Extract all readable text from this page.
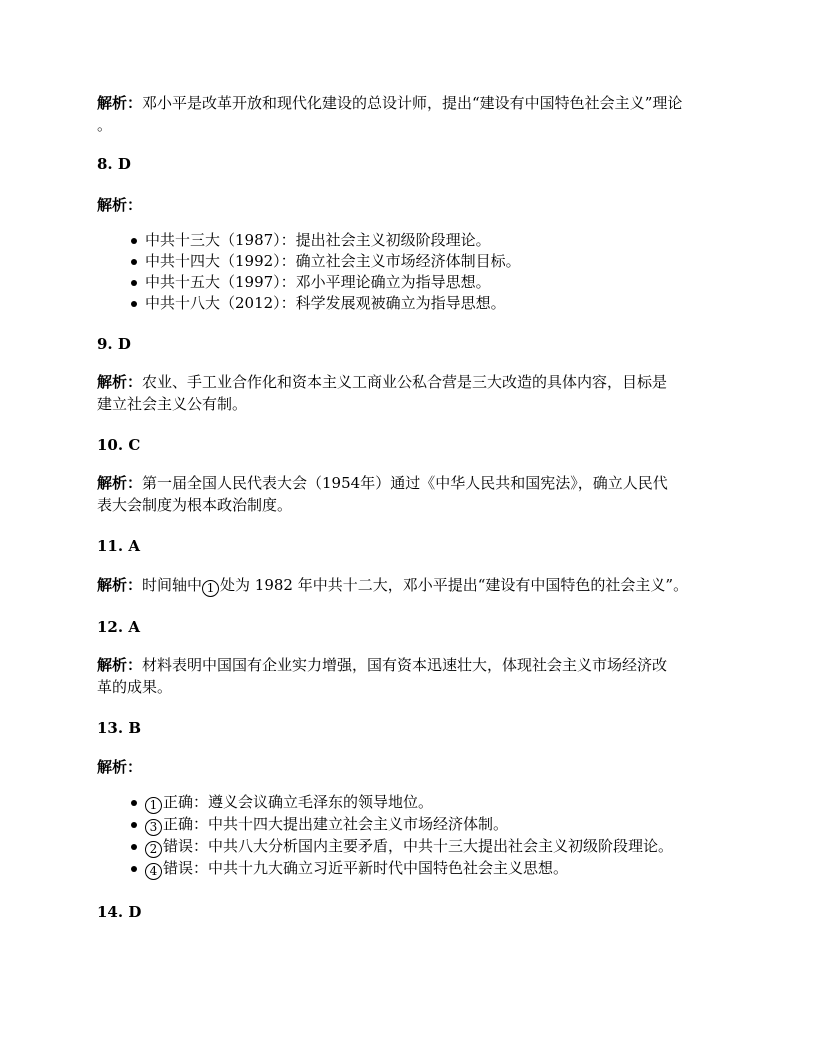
解析：邓小平是改革开放和现代化建设的总设计师，提出“建设有中国特色社会主义”理论

。

8. D

解析：

中共十三大（1987）：提出社会主义初级阶段理论。
中共十四大（1992）：确立社会主义市场经济体制目标。
中共十五大（1997）：邓小平理论确立为指导思想。
中共十八大（2012）：科学发展观被确立为指导思想。

9. D

解析：农业、手工业合作化和资本主义工商业公私合营是三大改造的具体内容，目标是
建立社会主义公有制。

10. C

解析：第一届全国人民代表大会（1954年）通过《中华人民共和国宪法》，确立人民代
表大会制度为根本政治制度。

11. A

解析：时间轴中 1 处为 1982 年中共十二大，邓小平提出“建设有中国特色的社会主义”。

12. A

解析：材料表明中国国有企业实力增强，国有资本迅速壮大，体现社会主义市场经济改
革的成果。

13. B

解析：

1 正确：遵义会议确立毛泽东的领导地位。
3 正确：中共十四大提出建立社会主义市场经济体制。
2 错误：中共八大分析国内主要矛盾，中共十三大提出社会主义初级阶段理论。
4 错误：中共十九大确立习近平新时代中国特色社会主义思想。

14. D
